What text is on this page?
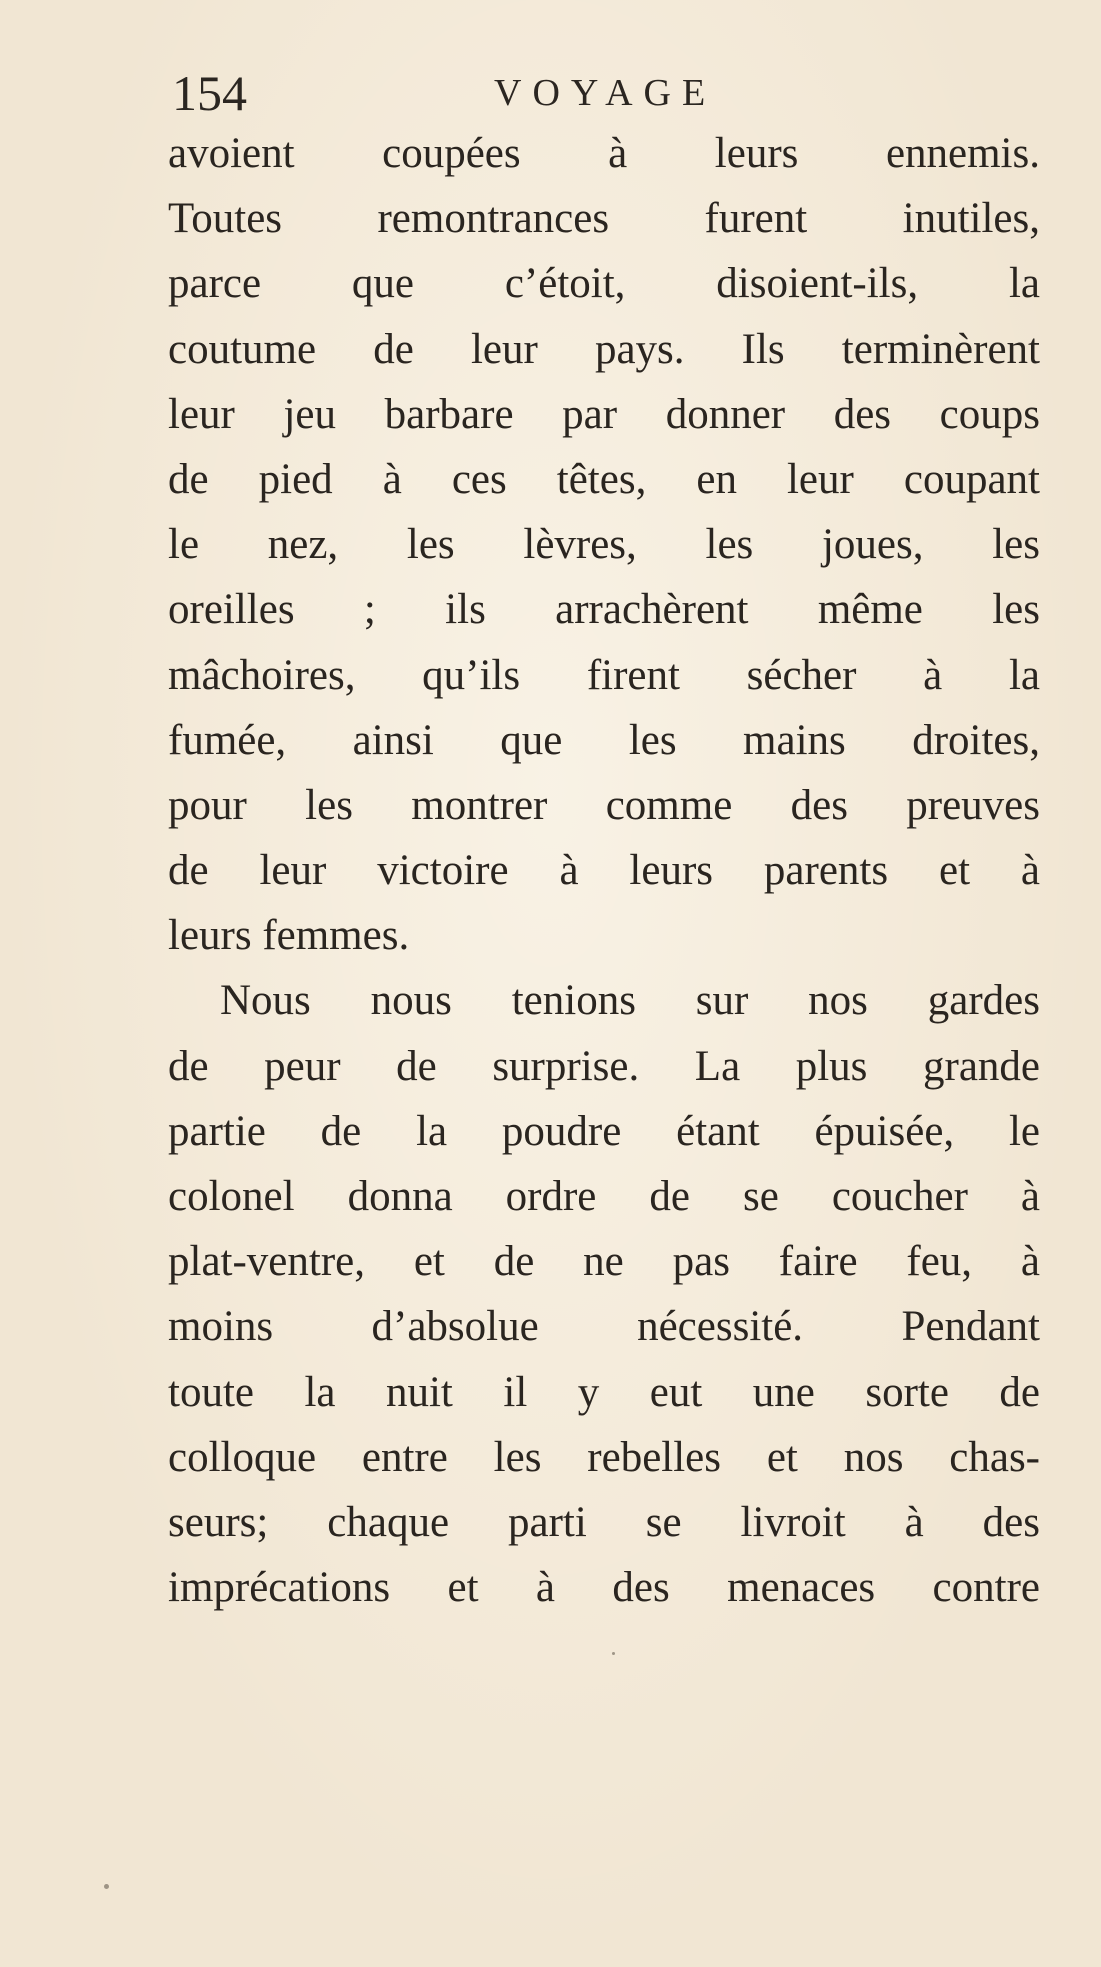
154	VOYAGE
avoient coupées à leurs ennemis.
Toutes remontrances furent inutiles,
parce que c’étoit, disoient-ils, la
coutume de leur pays. Ils terminèrent
leur jeu barbare par donner des coups
de pied à ces têtes, en leur coupant
le nez, les lèvres, les joues, les
oreilles ; ils arrachèrent même les
mâchoires, qu’ils firent sécher à la
fumée, ainsi que les mains droites,
pour les montrer comme des preuves
de leur victoire à leurs parents et à
leurs femmes.
Nous nous tenions sur nos gardes
de peur de surprise. La plus grande
partie de la poudre étant épuisée, le
colonel donna ordre de se coucher à
plat-ventre, et de ne pas faire feu, à
moins d’absolue nécessité. Pendant
toute la nuit il y eut une sorte de
colloque entre les rebelles et nos chas-
seurs; chaque parti se livroit à des
imprécations et à des menaces contre
